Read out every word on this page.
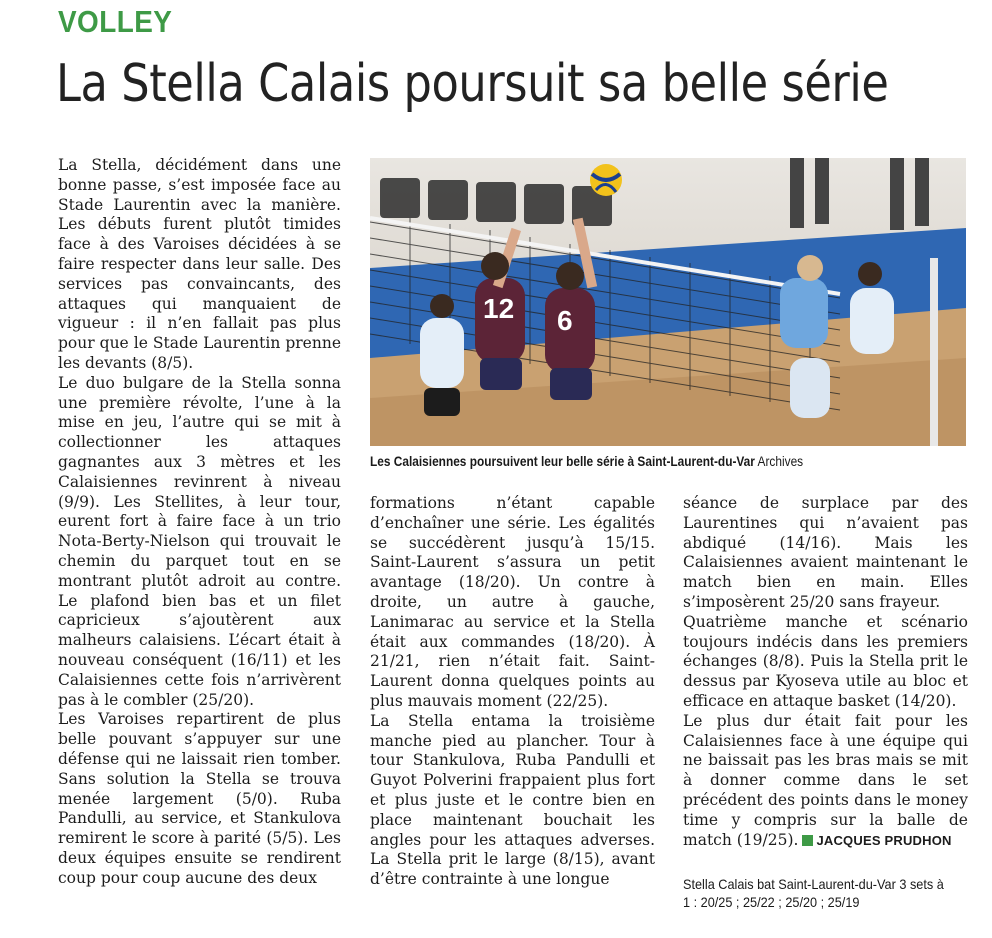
VOLLEY
La Stella Calais poursuit sa belle série

La Stella, décidément dans une bonne passe, s’est imposée face au Stade Laurentin avec la manière. Les débuts furent plutôt timides face à des Varoises décidées à se faire respecter dans leur salle. Des services pas convaincants, des attaques qui manquaient de vigueur : il n’en fallait pas plus pour que le Stade Laurentin prenne les devants (8/5).

Le duo bulgare de la Stella sonna une première révolte, l’une à la mise en jeu, l’autre qui se mit à collectionner les attaques gagnantes aux 3 mètres et les Calaisiennes revinrent à niveau (9/9). Les Stellites, à leur tour, eurent fort à faire face à un trio Nota-Berty-Nielson qui trouvait le chemin du parquet tout en se montrant plutôt adroit au contre. Le plafond bien bas et un filet capricieux s’ajoutèrent aux malheurs calaisiens. L’écart était à nouveau conséquent (16/11) et les Calaisiennes cette fois n’arrivèrent pas à le combler (25/20).

Les Varoises repartirent de plus belle pouvant s’appuyer sur une défense qui ne laissait rien tomber. Sans solution la Stella se trouva menée largement (5/0). Ruba Pandulli, au service, et Stankulova remirent le score à parité (5/5). Les deux équipes ensuite se rendirent coup pour coup aucune des deux

12 6
Les Calaisiennes poursuivent leur belle série à Saint-Laurent-du-Var Archives

formations n’étant capable d’enchaîner une série. Les égalités se succédèrent jusqu’à 15/15. Saint-Laurent s’assura un petit avantage (18/20). Un contre à droite, un autre à gauche, Lanimarac au service et la Stella était aux commandes (18/20). À 21/21, rien n’était fait. Saint-Laurent donna quelques points au plus mauvais moment (22/25).

La Stella entama la troisième manche pied au plancher. Tour à tour Stankulova, Ruba Pandulli et Guyot Polverini frappaient plus fort et plus juste et le contre bien en place maintenant bouchait les angles pour les attaques adverses. La Stella prit le large (8/15), avant d’être contrainte à une longue

séance de surplace par des Laurentines qui n’avaient pas abdiqué (14/16). Mais les Calaisiennes avaient maintenant le match bien en main. Elles s’imposèrent 25/20 sans frayeur.

Quatrième manche et scénario toujours indécis dans les premiers échanges (8/8). Puis la Stella prit le dessus par Kyoseva utile au bloc et efficace en attaque basket (14/20).

Le plus dur était fait pour les Calaisiennes face à une équipe qui ne baissait pas les bras mais se mit à donner comme dans le set précédent des points dans le money time y compris sur la balle de match (19/25). JACQUES PRUDHON

Stella Calais bat Saint-Laurent-du-Var 3 sets à
1 : 20/25 ; 25/22 ; 25/20 ; 25/19
